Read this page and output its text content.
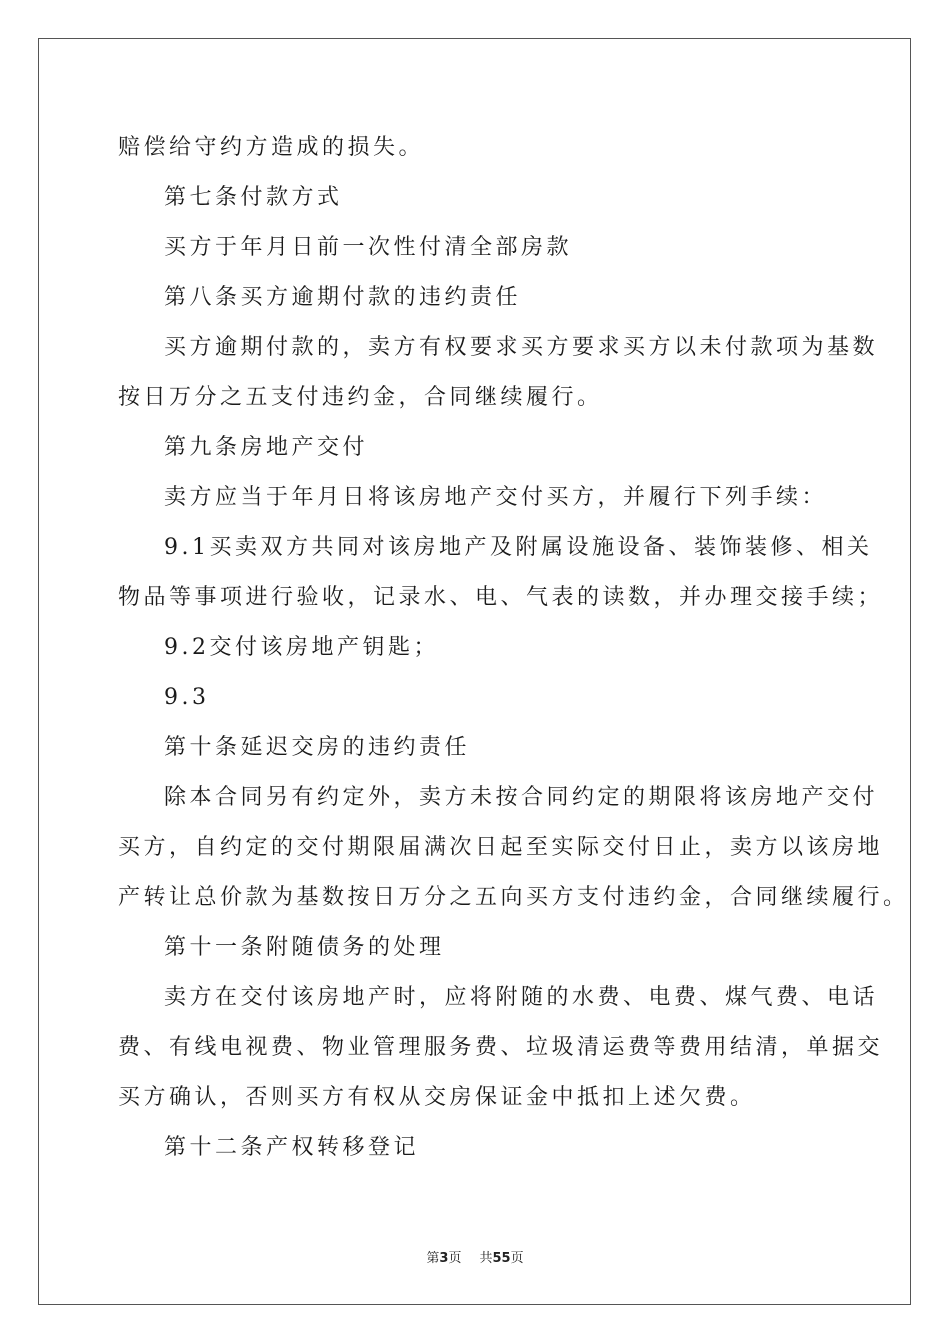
赔偿给守约方造成的损失。
第七条付款方式
买方于年月日前一次性付清全部房款
第八条买方逾期付款的违约责任
买方逾期付款的，卖方有权要求买方要求买方以未付款项为基数
按日万分之五支付违约金，合同继续履行。
第九条房地产交付
卖方应当于年月日将该房地产交付买方，并履行下列手续：
9.1买卖双方共同对该房地产及附属设施设备、装饰装修、相关
物品等事项进行验收，记录水、电、气表的读数，并办理交接手续；
9.2交付该房地产钥匙；
9.3
第十条延迟交房的违约责任
除本合同另有约定外，卖方未按合同约定的期限将该房地产交付
买方，自约定的交付期限届满次日起至实际交付日止，卖方以该房地
产转让总价款为基数按日万分之五向买方支付违约金，合同继续履行。
第十一条附随债务的处理
卖方在交付该房地产时，应将附随的水费、电费、煤气费、电话
费、有线电视费、物业管理服务费、垃圾清运费等费用结清，单据交
买方确认，否则买方有权从交房保证金中抵扣上述欠费。
第十二条产权转移登记
第3页 共55页
